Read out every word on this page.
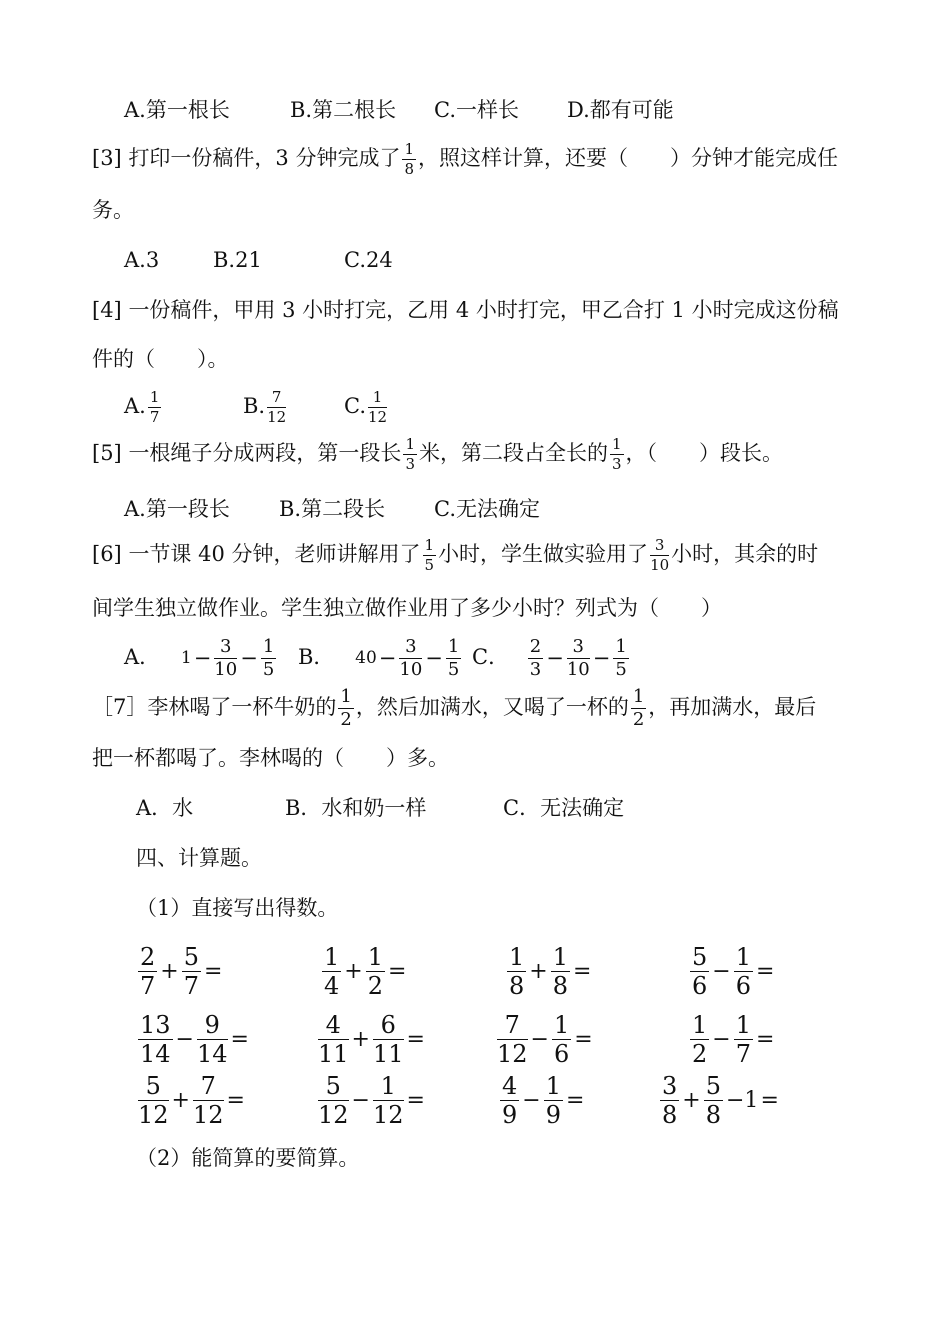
A.第一根长	B.第二根长 C.一样长 D.都有可能
[3] 打印一份稿件，3 分钟完成了 $\frac{1}{8}$ ，照这样计算，还要（　　）分钟才能完成任
务。
A.3	B.21	C.24
[4] 一份稿件，甲用 3 小时打完，乙用 4 小时打完，甲乙合打 1 小时完成这份稿
件的（　　）。
A. $\frac{1}{7}$	B. $\frac{7}{12}$	C. $\frac{1}{12}$
[5] 一根绳子分成两段，第一段长 $\frac{1}{3}$ 米，第二段占全长的 $\frac{1}{3}$ ，（　　）段长。
A.第一段长 B.第二段长 C.无法确定
[6] 一节课 40 分钟，老师讲解用了 $\frac{1}{5}$ 小时，学生做实验用了 $\frac{3}{10}$ 小时，其余的时
间学生独立做作业。学生独立做作业用了多少小时？列式为（　　）
A． $1- \frac{3}{10} - \frac{1}{5}$ B． $40- \frac{3}{10} - \frac{1}{5}$ C． $\frac{2}{3} - \frac{3}{10} - \frac{1}{5}$
［7］李林喝了一杯牛奶的 $\frac{1}{2}$ ，然后加满水，又喝了一杯的 $\frac{1}{2}$ ，再加满水，最后
把一杯都喝了。李林喝的（　　）多。
A．水	B．水和奶一样	C．无法确定
四、计算题。
（1）直接写出得数。
$\frac{2}{7} + \frac{5}{7}$ =	$\frac{1}{4} + \frac{1}{2}$ =	$\frac{1}{8} + \frac{1}{8}$ =	$\frac{5}{6} - \frac{1}{6}$ =
$\frac{13}{14} - \frac{9}{14}$ =	$\frac{4}{11} + \frac{6}{11}$ =	$\frac{7}{12} - \frac{1}{6}$ =	$\frac{1}{2} - \frac{1}{7}$ =
$\frac{5}{12} + \frac{7}{12}$ =	$\frac{5}{12} - \frac{1}{12}$ =	$\frac{4}{9} - \frac{1}{9}$ =	$\frac{3}{8} + \frac{5}{8} -1=$
（2）能简算的要简算。
